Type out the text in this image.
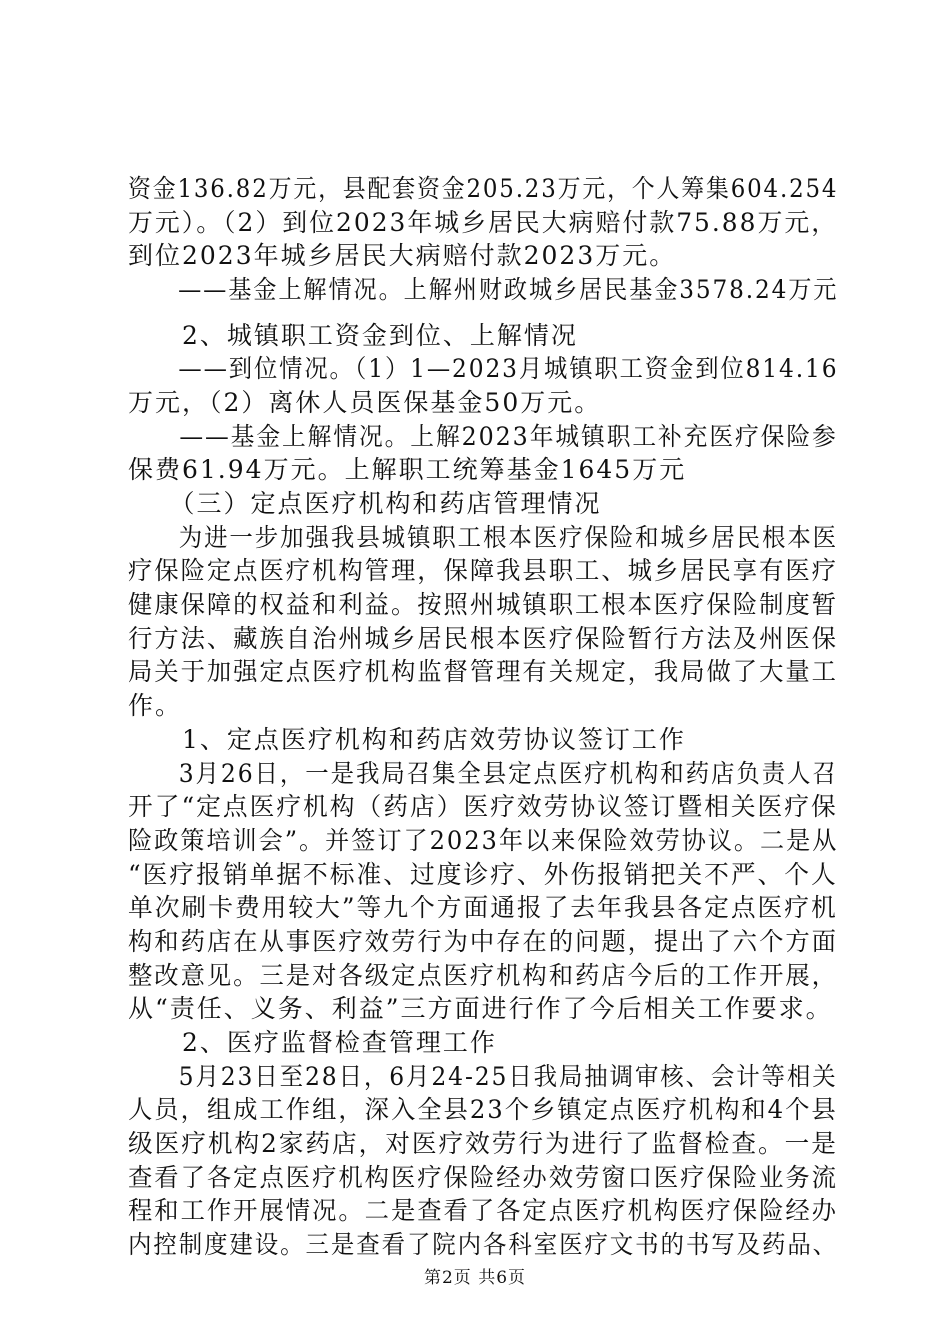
资金136.82万元，县配套资金205.23万元，个人筹集604.254
万元）。（2）到位2023年城乡居民大病赔付款75.88万元，
到位2023年城乡居民大病赔付款2023万元。
　　——基金上解情况。上解州财政城乡居民基金3578.24万元
　　2、城镇职工资金到位、上解情况
　　——到位情况。（1）1—2023月城镇职工资金到位814.16
万元，（2）离休人员医保基金50万元。
　　——基金上解情况。上解2023年城镇职工补充医疗保险参
保费61.94万元。上解职工统筹基金1645万元
　　（三）定点医疗机构和药店管理情况
　　为进一步加强我县城镇职工根本医疗保险和城乡居民根本医
疗保险定点医疗机构管理，保障我县职工、城乡居民享有医疗
健康保障的权益和利益。按照州城镇职工根本医疗保险制度暂
行方法、藏族自治州城乡居民根本医疗保险暂行方法及州医保
局关于加强定点医疗机构监督管理有关规定，我局做了大量工
作。
　　1、定点医疗机构和药店效劳协议签订工作
　　3月26日，一是我局召集全县定点医疗机构和药店负责人召
开了“定点医疗机构（药店）医疗效劳协议签订暨相关医疗保
险政策培训会”。并签订了2023年以来保险效劳协议。二是从
“医疗报销单据不标准、过度诊疗、外伤报销把关不严、个人
单次刷卡费用较大”等九个方面通报了去年我县各定点医疗机
构和药店在从事医疗效劳行为中存在的问题，提出了六个方面
整改意见。三是对各级定点医疗机构和药店今后的工作开展，
从“责任、义务、利益”三方面进行作了今后相关工作要求。
　　2、医疗监督检查管理工作
　　5月23日至28日，6月24-25日我局抽调审核、会计等相关
人员，组成工作组，深入全县23个乡镇定点医疗机构和4个县
级医疗机构2家药店，对医疗效劳行为进行了监督检查。一是
查看了各定点医疗机构医疗保险经办效劳窗口医疗保险业务流
程和工作开展情况。二是查看了各定点医疗机构医疗保险经办
内控制度建设。三是查看了院内各科室医疗文书的书写及药品、
第2页 共6页
